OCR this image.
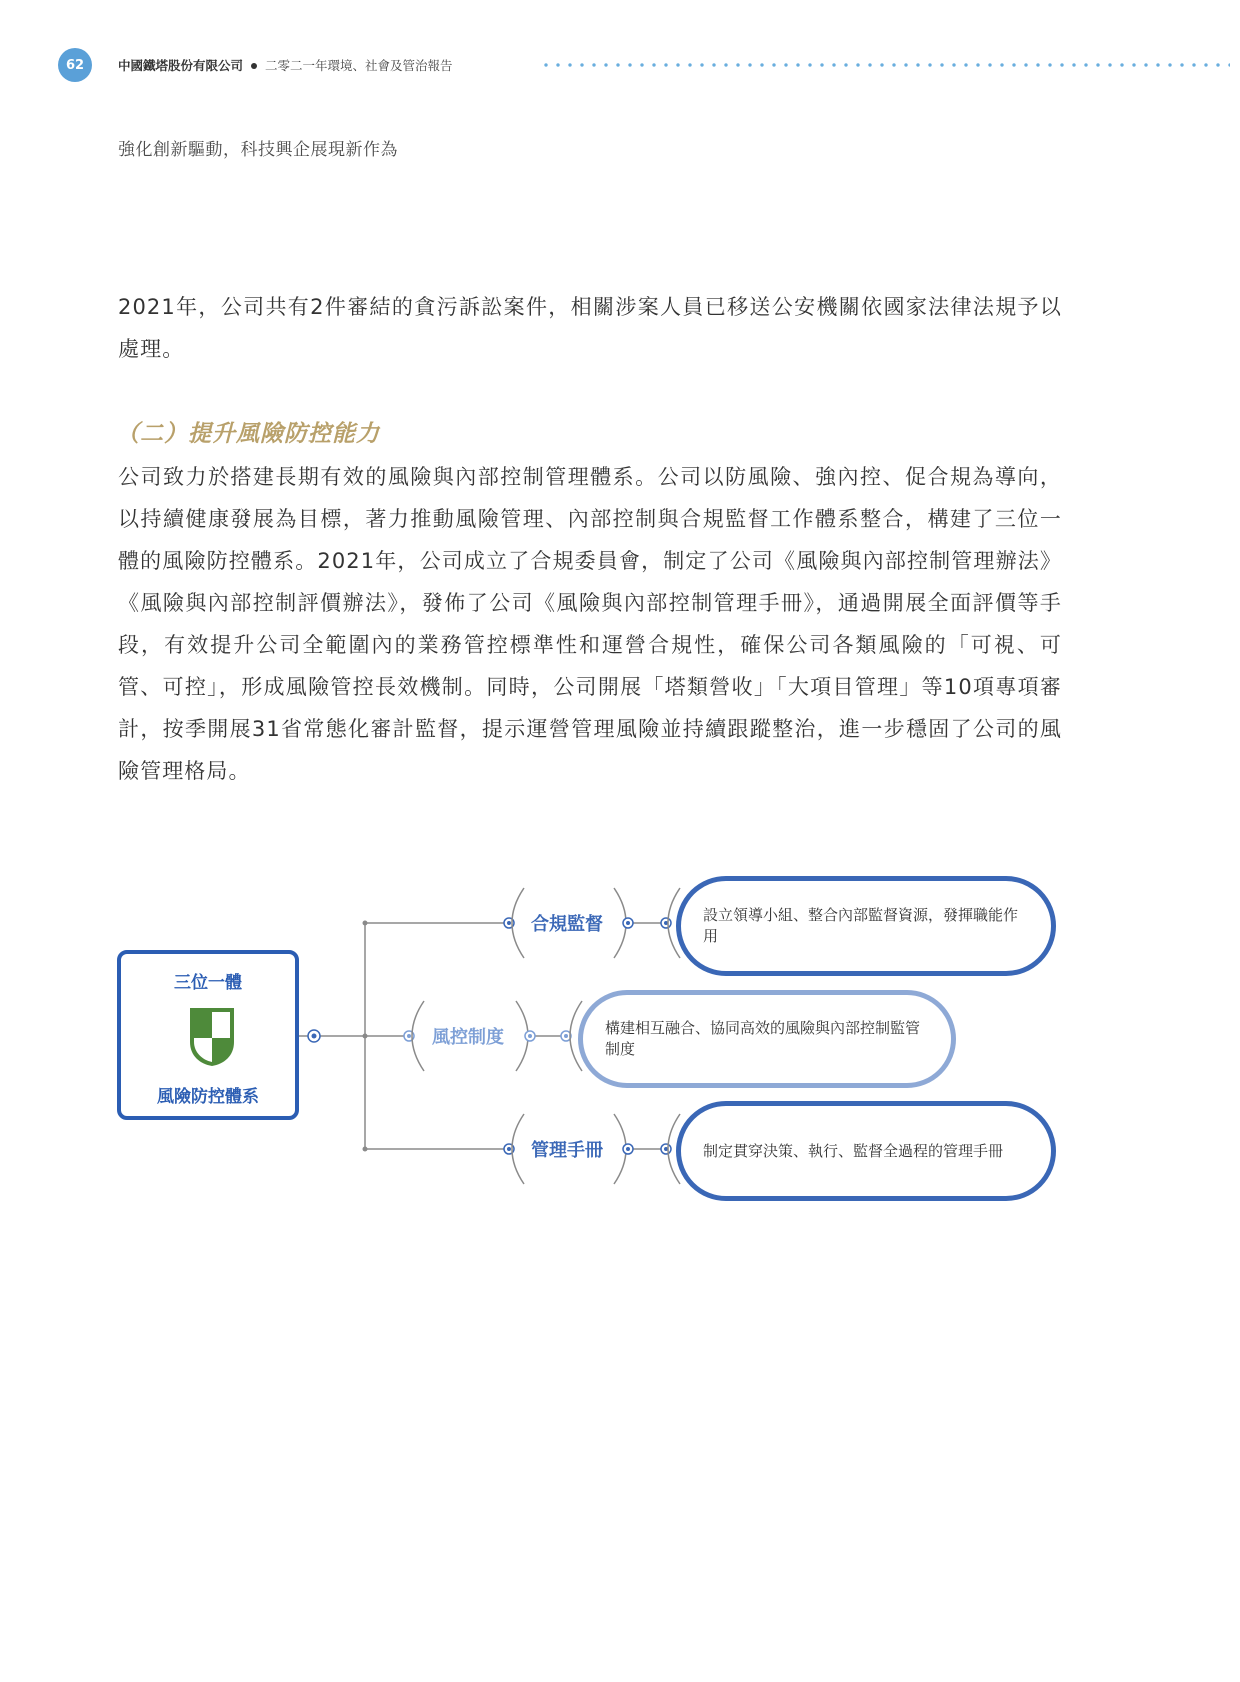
62	中國鐵塔股份有限公司 二零二一年環境、社會及管治報告
強化創新驅動，科技興企展現新作為
2021年，公司共有2件審結的貪污訴訟案件，相關涉案人員已移送公安機關依國家法律法規予以處理。
（二）提升風險防控能力
公司致力於搭建長期有效的風險與內部控制管理體系。公司以防風險、強內控、促合規為導向，以持續健康發展為目標，著力推動風險管理、內部控制與合規監督工作體系整合，構建了三位一體的風險防控體系。2021年，公司成立了合規委員會，制定了公司《風險與內部控制管理辦法》《風險與內部控制評價辦法》，發佈了公司《風險與內部控制管理手冊》，通過開展全面評價等手段，有效提升公司全範圍內的業務管控標準性和運營合規性，確保公司各類風險的「可視、可管、可控」，形成風險管控長效機制。同時，公司開展「塔類營收」「大項目管理」等10項專項審計，按季開展31省常態化審計監督，提示運營管理風險並持續跟蹤整治，進一步穩固了公司的風險管理格局。
三位一體
風險防控體系
合規監督
風控制度
管理手冊
設立領導小組、整合內部監督資源，發揮職能作用
構建相互融合、協同高效的風險與內部控制監管制度
制定貫穿決策、執行、監督全過程的管理手冊
